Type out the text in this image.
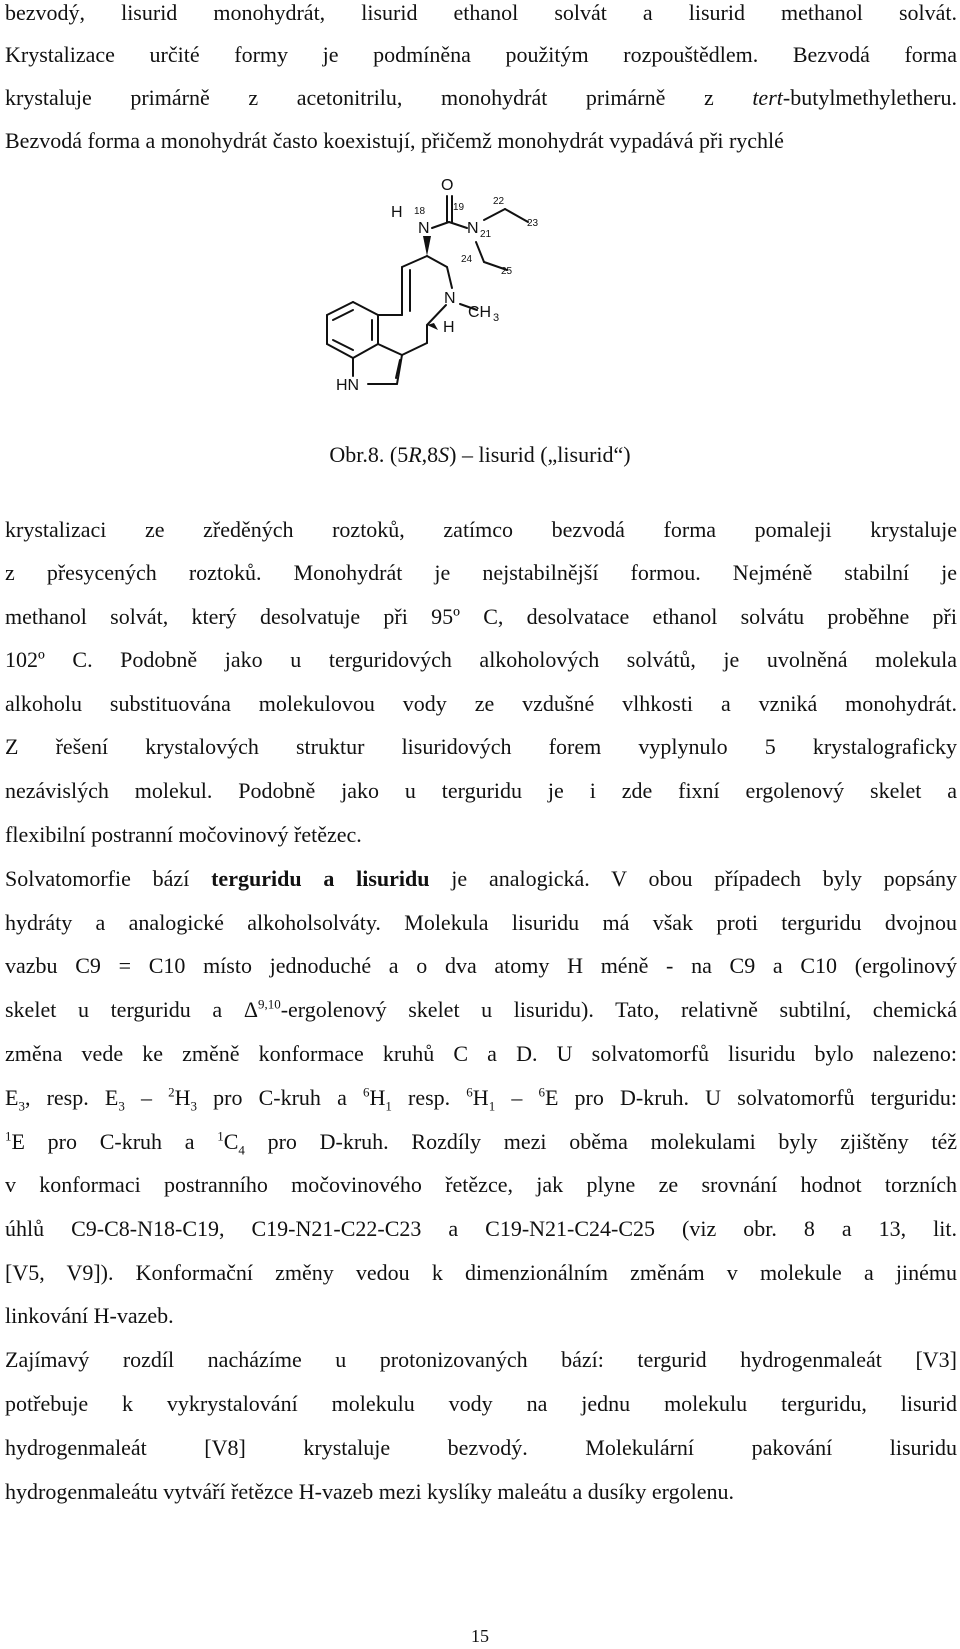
bezvodý, lisurid monohydrát, lisurid ethanol solvát a lisurid methanol solvát.

Krystalizace určité formy je podmíněna použitým rozpouštědlem. Bezvodá forma

krystaluje primárně z acetonitrilu, monohydrát primárně z tert-butylmethyletheru.

Bezvodá forma a monohydrát často koexistují, přičemž monohydrát vypadává při rychlé

O
H 18
N
19
N 21
22
23
24
25
N
CH 3
H
HN
Obr.8. (5R,8S) – lisurid („lisurid“)

krystalizaci ze zředěných roztoků, zatímco bezvodá forma pomaleji krystaluje

z přesycených roztoků. Monohydrát je nejstabilnější formou. Nejméně stabilní je

methanol solvát, který desolvatuje při 95º C, desolvatace ethanol solvátu proběhne při

102º C. Podobně jako u terguridových alkoholových solvátů, je uvolněná molekula

alkoholu substituována molekulovou vody ze vzdušné vlhkosti a vzniká monohydrát.

Z řešení krystalových struktur lisuridových forem vyplynulo 5 krystalograficky

nezávislých molekul. Podobně jako u terguridu je i zde fixní ergolenový skelet a

flexibilní postranní močovinový řetězec.

Solvatomorfie bází terguridu a lisuridu je analogická. V obou případech byly popsány

hydráty a analogické alkoholsolváty. Molekula lisuridu má však proti terguridu dvojnou

vazbu C9 = C10 místo jednoduché a o dva atomy H méně - na C9 a C10 (ergolinový

skelet u terguridu a Δ$^{9,10}$-ergolenový skelet u lisuridu). Tato, relativně subtilní, chemická

změna vede ke změně konformace kruhů C a D. U solvatomorfů lisuridu bylo nalezeno:

$E_3$, resp. $E_3 - ^2H_3$ pro C-kruh a $^6H_1$ resp. $^6H_1 - ^6E$ pro D-kruh. U solvatomorfů terguridu:

$^1$E pro C-kruh a $^1C_4$ pro D-kruh. Rozdíly mezi oběma molekulami byly zjištěny též

v konformaci postranního močovinového řetězce, jak plyne ze srovnání hodnot torzních

úhlů C9-C8-N18-C19, C19-N21-C22-C23 a C19-N21-C24-C25 (viz obr. 8 a 13, lit.

[V5, V9]). Konformační změny vedou k dimenzionálním změnám v molekule a jinému

linkování H-vazeb.

Zajímavý rozdíl nacházíme u protonizovaných bází: tergurid hydrogenmaleát [V3]

potřebuje k vykrystalování molekulu vody na jednu molekulu terguridu, lisurid

hydrogenmaleát [V8] krystaluje bezvodý. Molekulární pakování lisuridu

hydrogenmaleátu vytváří řetězce H-vazeb mezi kyslíky maleátu a dusíky ergolenu.

15
